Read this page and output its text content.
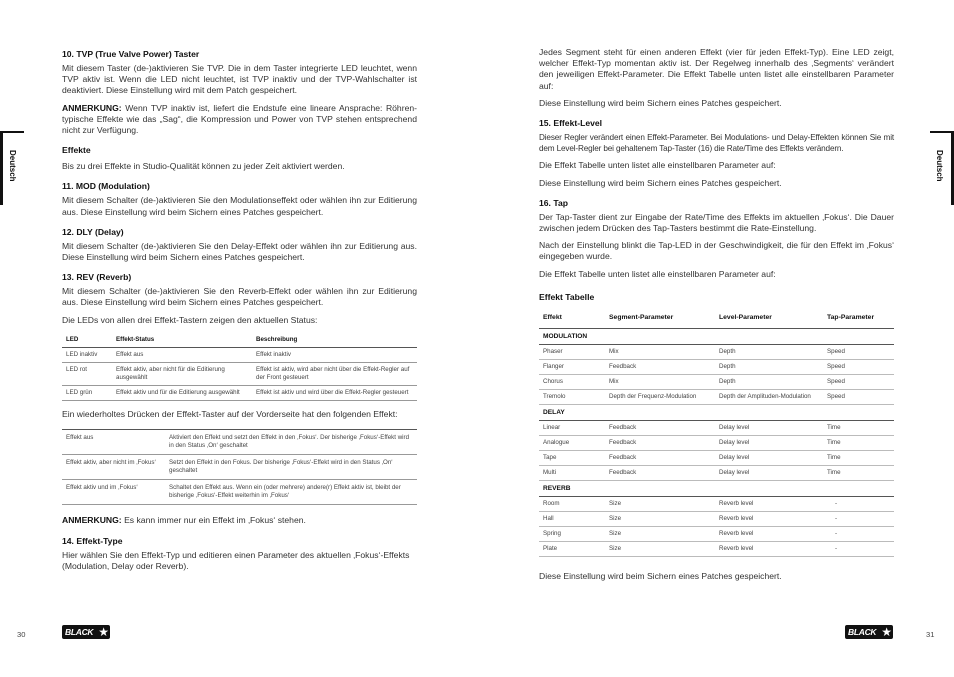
Deutsch	Deutsch

10. TVP (True Valve Power) Taster

Mit diesem Taster (de-)aktivieren Sie TVP. Die in dem Taster integrierte LED leuchtet, wenn TVP aktiv ist. Wenn die LED nicht leuchtet, ist TVP inaktiv und der TVP-Wahlschalter ist deaktiviert. Diese Einstellung wird mit dem Patch gespeichert.

ANMERKUNG: Wenn TVP inaktiv ist, liefert die Endstufe eine lineare Ansprache: Röhren-typische Effekte wie das „Sag“, die Kompression und Power von TVP stehen entsprechend nicht zur Verfügung.

Effekte

Bis zu drei Effekte in Studio-Qualität können zu jeder Zeit aktiviert werden.

11. MOD (Modulation)

Mit diesem Schalter (de-)aktivieren Sie den Modulationseffekt oder wählen ihn zur Editierung aus. Diese Einstellung wird beim Sichern eines Patches gespeichert.

12. DLY (Delay)

Mit diesem Schalter (de-)aktivieren Sie den Delay-Effekt oder wählen ihn zur Editierung aus. Diese Einstellung wird beim Sichern eines Patches gespeichert.

13. REV (Reverb)

Mit diesem Schalter (de-)aktivieren Sie den Reverb-Effekt oder wählen ihn zur Editierung aus. Diese Einstellung wird beim Sichern eines Patches gespeichert.

Die LEDs von allen drei Effekt-Tastern zeigen den aktuellen Status:

LED	Effekt-Status	Beschreibung
LED inaktiv	Effekt aus	Effekt inaktiv
LED rot	Effekt aktiv, aber nicht für die Editierung ausgewählt	Effekt ist aktiv, wird aber nicht über die Effekt-Regler auf der Front gesteuert
LED grün	Effekt aktiv und für die Editierung ausgewählt	Effekt ist aktiv und wird über die Effekt-Regler gesteuert

Ein wiederholtes Drücken der Effekt-Taster auf der Vorderseite hat den folgenden Effekt:

Effekt aus	Aktiviert den Effekt und setzt den Effekt in den ‚Fokus‘. Der bisherige ‚Fokus‘-Effekt wird in den Status ‚On‘ geschaltet
Effekt aktiv, aber nicht im ‚Fokus‘	Setzt den Effekt in den Fokus. Der bisherige ‚Fokus‘-Effekt wird in den Status ‚On‘ geschaltet
Effekt aktiv und im ‚Fokus‘	Schaltet den Effekt aus. Wenn ein (oder mehrere) andere(r) Effekt aktiv ist, bleibt der bisherige ‚Fokus‘-Effekt weiterhin im ‚Fokus‘

ANMERKUNG: Es kann immer nur ein Effekt im ‚Fokus‘ stehen.

14. Effekt-Type

Hier wählen Sie den Effekt-Typ und editieren einen Parameter des aktuellen ‚Fokus‘-Effekts (Modulation, Delay oder Reverb).

Jedes Segment steht für einen anderen Effekt (vier für jeden Effekt-Typ). Eine LED zeigt, welcher Effekt-Typ momentan aktiv ist. Der Regelweg innerhalb des ‚Segments‘ verändert den jeweiligen Effekt-Parameter. Die Effekt Tabelle unten listet alle einstellbaren Parameter auf:

Diese Einstellung wird beim Sichern eines Patches gespeichert.

15. Effekt-Level

Dieser Regler verändert einen Effekt-Parameter. Bei Modulations- und Delay-Effekten können Sie mit dem Level-Regler bei gehaltenem Tap-Taster (16) die Rate/Time des Effekts verändern.

Die Effekt Tabelle unten listet alle einstellbaren Parameter auf:

Diese Einstellung wird beim Sichern eines Patches gespeichert.

16. Tap

Der Tap-Taster dient zur Eingabe der Rate/Time des Effekts im aktuellen ‚Fokus‘. Die Dauer zwischen jedem Drücken des Tap-Tasters bestimmt die Rate-Einstellung.

Nach der Einstellung blinkt die Tap-LED in der Geschwindigkeit, die für den Effekt im ‚Fokus‘ eingegeben wurde.

Die Effekt Tabelle unten listet alle einstellbaren Parameter auf:

Effekt Tabelle

Effekt	Segment-Parameter	Level-Parameter	Tap-Parameter
MODULATION			
Phaser	Mix	Depth	Speed
Flanger	Feedback	Depth	Speed
Chorus	Mix	Depth	Speed
Tremolo	Depth der Frequenz-Modulation	Depth der Amplituden-Modulation	Speed
DELAY			
Linear	Feedback	Delay level	Time
Analogue	Feedback	Delay level	Time
Tape	Feedback	Delay level	Time
Multi	Feedback	Delay level	Time
REVERB			
Room	Size	Reverb level	-
Hall	Size	Reverb level	-
Spring	Size	Reverb level	-
Plate	Size	Reverb level	-

Diese Einstellung wird beim Sichern eines Patches gespeichert.

30	BLACK ★	BLACK ★	31
